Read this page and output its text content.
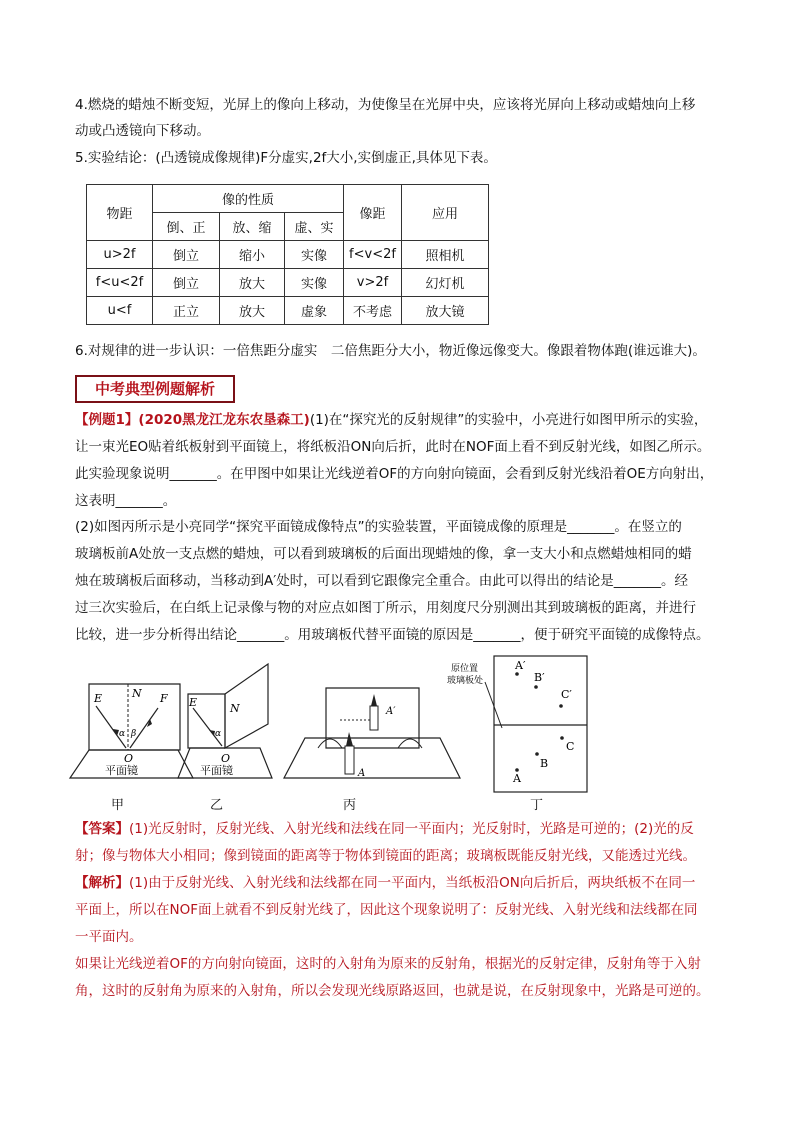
4.燃烧的蜡烛不断变短，光屏上的像向上移动，为使像呈在光屏中央，应该将光屏向上移动或蜡烛向上移
动或凸透镜向下移动。
5.实验结论：(凸透镜成像规律)F分虚实,2f大小,实倒虚正,具体见下表。
物距	像的性质			像距	应用
	倒、正	放、缩	虚、实		
u>2f	倒立	缩小	实像	f<v<2f	照相机
f<u<2f	倒立	放大	实像	v>2f	幻灯机
u<f	正立	放大	虚象	不考虑	放大镜
6.对规律的进一步认识：一倍焦距分虚实　二倍焦距分大小，物近像远像变大。像跟着物体跑(谁远谁大)。
中考典型例题解析
【例题1】(2020黑龙江龙东农垦森工)(1)在“探究光的反射规律”的实验中，小亮进行如图甲所示的实验，
让一束光EO贴着纸板射到平面镜上，将纸板沿ON向后折，此时在NOF面上看不到反射光线，如图乙所示。
此实验现象说明_______。在甲图中如果让光线逆着OF的方向射向镜面，会看到反射光线沿着OE方向射出，
这表明_______。
(2)如图丙所示是小亮同学“探究平面镜成像特点”的实验装置，平面镜成像的原理是_______。在竖立的
玻璃板前A处放一支点燃的蜡烛，可以看到玻璃板的后面出现蜡烛的像，拿一支大小和点燃蜡烛相同的蜡
烛在玻璃板后面移动，当移动到A′处时，可以看到它跟像完全重合。由此可以得出的结论是_______。经
过三次实验后，在白纸上记录像与物的对应点如图丁所示，用刻度尺分别测出其到玻璃板的距离，并进行
比较，进一步分析得出结论_______。用玻璃板代替平面镜的原因是_______，便于研究平面镜的成像特点。
E	N F
α β
O
平面镜
E	N
α
O
平面镜
A′
A
原位置
玻璃板处
A′
B′
C′
C
B
A
甲	乙	丙	丁
【答案】(1)光反射时，反射光线、入射光线和法线在同一平面内；光反射时，光路是可逆的；(2)光的反
射；像与物体大小相同；像到镜面的距离等于物体到镜面的距离；玻璃板既能反射光线，又能透过光线。
【解析】(1)由于反射光线、入射光线和法线都在同一平面内，当纸板沿ON向后折后，两块纸板不在同一
平面上，所以在NOF面上就看不到反射光线了，因此这个现象说明了：反射光线、入射光线和法线都在同
一平面内。
如果让光线逆着OF的方向射向镜面，这时的入射角为原来的反射角，根据光的反射定律，反射角等于入射
角，这时的反射角为原来的入射角，所以会发现光线原路返回，也就是说，在反射现象中，光路是可逆的。
